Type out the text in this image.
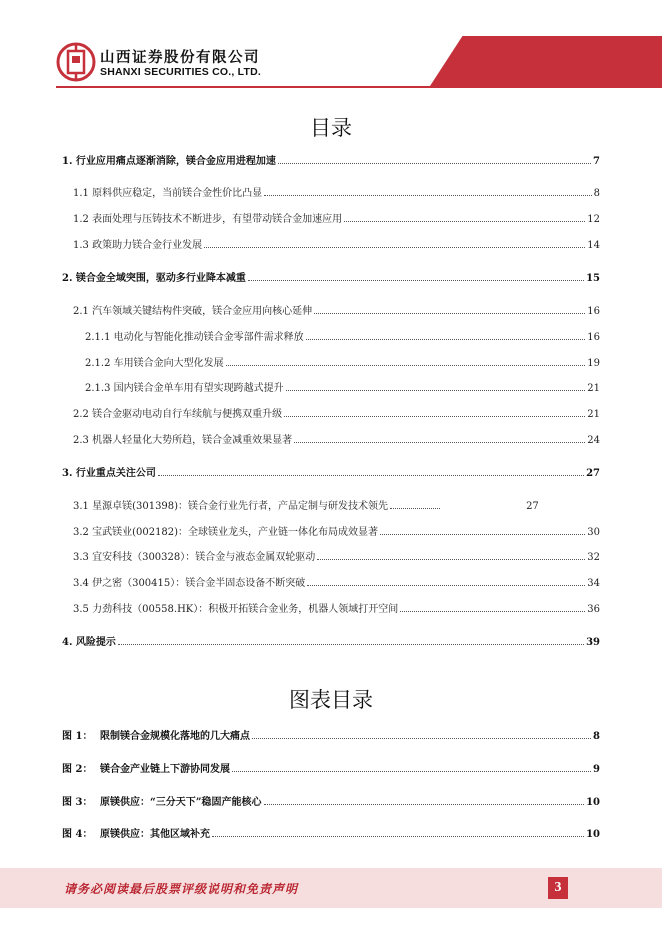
山西证券股份有限公司
SHANXI SECURITIES CO., LTD.
行业研究/行业深度分析
目录
1. 行业应用痛点逐渐消除，镁合金应用进程加速	7
1.1 原料供应稳定，当前镁合金性价比凸显	8
1.2 表面处理与压铸技术不断进步，有望带动镁合金加速应用	12
1.3 政策助力镁合金行业发展	14
2. 镁合金全域突围，驱动多行业降本减重	15
2.1 汽车领域关键结构件突破，镁合金应用向核心延伸	16
2.1.1 电动化与智能化推动镁合金零部件需求释放	16
2.1.2 车用镁合金向大型化发展	19
2.1.3 国内镁合金单车用有望实现跨越式提升	21
2.2 镁合金驱动电动自行车续航与便携双重升级	21
2.3 机器人轻量化大势所趋，镁合金减重效果显著	24
3. 行业重点关注公司	27
3.1 星源卓镁(301398)：镁合金行业先行者，产品定制与研发技术领先	27
3.2 宝武镁业(002182)：全球镁业龙头，产业链一体化布局成效显著	30
3.3 宜安科技（300328）：镁合金与液态金属双轮驱动	32
3.4 伊之密（300415）：镁合金半固态设备不断突破	34
3.5 力劲科技（00558.HK）：积极开拓镁合金业务，机器人领域打开空间	36
4. 风险提示	39
图表目录
图 1： 限制镁合金规模化落地的几大痛点	8
图 2： 镁合金产业链上下游协同发展	9
图 3： 原镁供应：“三分天下”稳固产能核心	10
图 4： 原镁供应：其他区域补充	10
请务必阅读最后股票评级说明和免责声明	3
